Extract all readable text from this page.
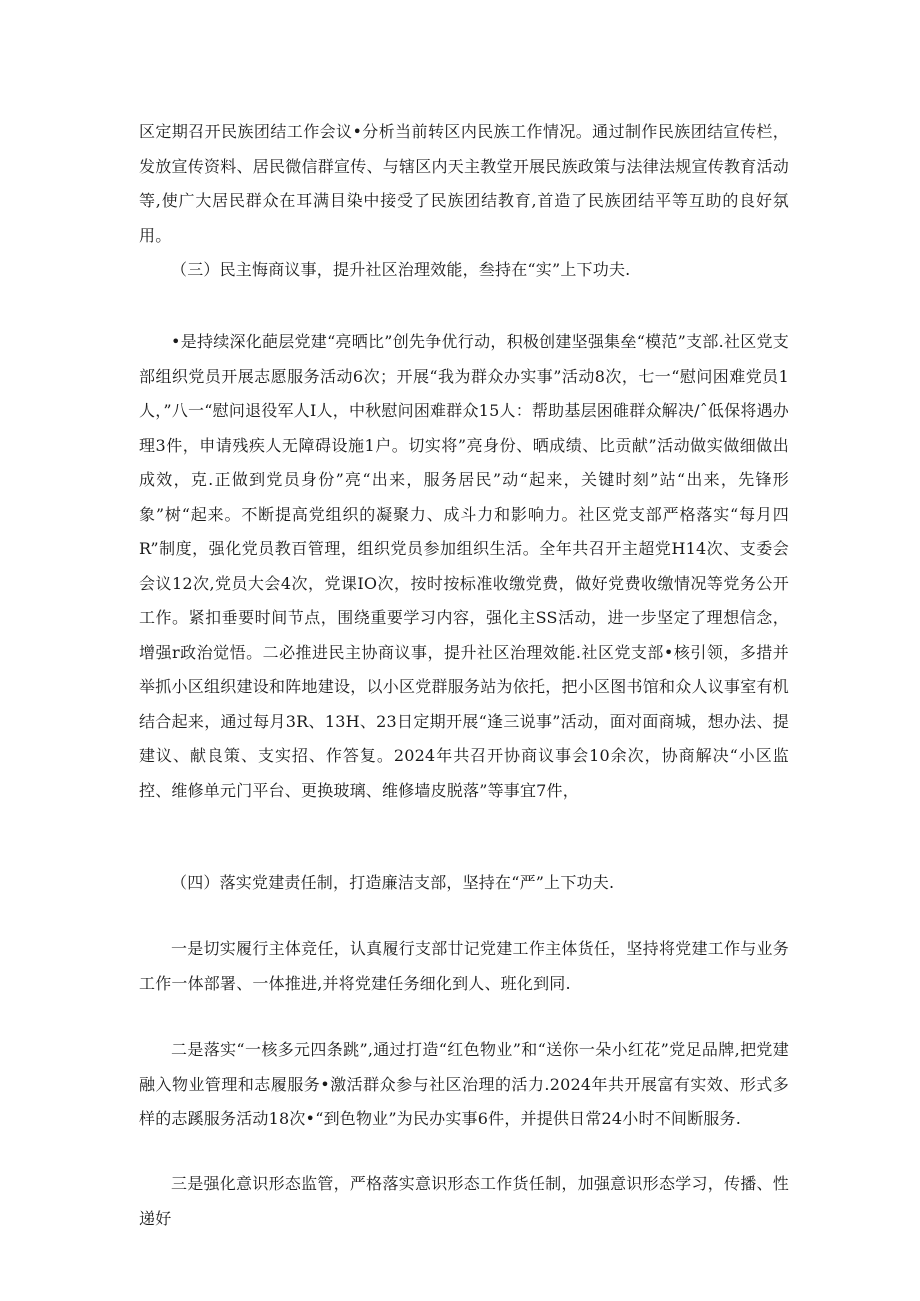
区定期召开民族团结工作会议•分析当前转区内民族工作情况。通过制作民族团结宣传栏，发放宣传资料、居民微信群宣传、与辖区内天主教堂开展民族政策与法律法规宣传教育活动等,使广大居民群众在耳满目染中接受了民族团结教育,首造了民族团结平等互助的良好氛用。
（三）民主悔商议事，提升社区治理效能，叁持在“实”上下功夫.
•是持续深化葩层党建“亮晒比”创先争优行动，积极创建坚强集垒“模范”支部.社区党支部组织党员开展志愿服务活动6次；开展“我为群众办实事”活动8次，七一“慰问困难党员1人，”八一“慰问退役军人I人，中秋慰问困难群众15人：帮助基层困碓群众解决/ˆ低保将遇办理3件，申请残疾人无障碍设施1户。切实将”亮身份、晒成绩、比贡献”活动做实做细做出成效，克.正做到党员身份”亮“出来，服务居民”动“起来，关键时刻”站“出来，先锋形象”树“起来。不断提高党组织的凝聚力、成斗力和影响力。社区党支部严格落实“每月四R”制度，强化党员教百管理，组织党员参加组织生活。全年共召开主超党H14次、支委会会议12次,党员大会4次，党课IO次，按时按标准收缴党费，做好党费收缴情况等党务公开工作。紧扣垂要时间节点，围绕重要学习内容，强化主SS活动，进一步坚定了理想信念，增强r政治觉悟。二必推进民主协商议事，提升社区治理效能.社区党支部•核引领，多措并举抓小区组织建设和阵地建设，以小区党群服务站为依托，把小区图书馆和众人议事室有机结合起来，通过每月3R、13H、23日定期开展“逢三说事”活动，面对面商城，想办法、提建议、献良策、支实招、作答复。2024年共召开协商议事会10余次，协商解决“小区监控、维修单元门平台、更换玻璃、维修墙皮脱落”等事宜7件，
（四）落实党建责任制，打造廉洁支部，坚持在“严”上下功夫.
一是切实履行主体竞任，认真履行支部廿记党建工作主体货任，坚持将党建工作与业务工作一体部署、一体推进,并将党建任务细化到人、班化到同.
二是落实“一核多元四条跳”,通过打造“红色物业”和“送你一朵小红花”党足品牌,把党建融入物业管理和志履服务•激活群众参与社区治理的活力.2024年共开展富有实效、形式多样的志蹊服务活动18次•“到色物业”为民办实事6件，并提供日常24小时不间断服务.
三是强化意识形态监管，严格落实意识形态工作货任制，加强意识形态学习，传播、性递好
